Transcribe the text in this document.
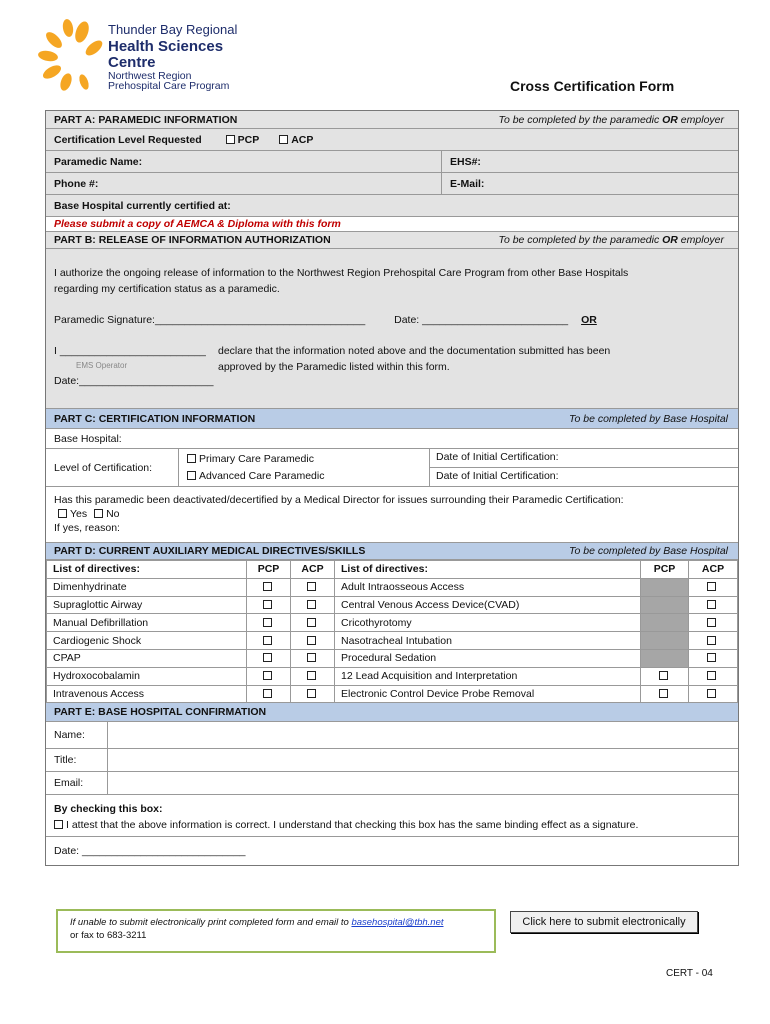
Thunder Bay Regional
Health Sciences
Centre
Northwest Region
Prehospital Care Program	Cross Certification Form
PART A: PARAMEDIC INFORMATION	To be completed by the paramedic OR employer
Certification Level Requested	PCP	ACP
Paramedic Name:	EHS#:
Phone #:	E-Mail:
Base Hospital currently certified at:
Please submit a copy of AEMCA & Diploma with this form
PART B: RELEASE OF INFORMATION AUTHORIZATION	To be completed by the paramedic OR employer
I authorize the ongoing release of information to the Northwest Region Prehospital Care Program from other Base Hospitals
regarding my certification status as a paramedic.
Paramedic Signature:____________________________________	Date: _________________________ OR
I _________________________
EMS Operator
declare that the information noted above and the documentation submitted has been
approved by the Paramedic listed within this form.
Date:_______________________
PART C: CERTIFICATION INFORMATION	To be completed by Base Hospital
Base Hospital:
Level of Certification:
Primary Care Paramedic
Advanced Care Paramedic
Date of Initial Certification:
Date of Initial Certification:
Has this paramedic been deactivated/decertified by a Medical Director for issues surrounding their Paramedic Certification:
Yes No
If yes, reason:
PART D: CURRENT AUXILIARY MEDICAL DIRECTIVES/SKILLS	To be completed by Base Hospital
List of directives:	PCP	ACP	List of directives:	PCP	ACP
Dimenhydrinate			Adult Intraosseous Access		
Supraglottic Airway			Central Venous Access Device(CVAD)		
Manual Defibrillation			Cricothyrotomy		
Cardiogenic Shock			Nasotracheal Intubation		
CPAP			Procedural Sedation		
Hydroxocobalamin			12 Lead Acquisition and Interpretation		
Intravenous Access			Electronic Control Device Probe Removal		
PART E: BASE HOSPITAL CONFIRMATION
Name:
Title:
Email:
By checking this box:
I attest that the above information is correct. I understand that checking this box has the same binding effect as a signature.
Date: ____________________________
If unable to submit electronically print completed form and email to basehospital@tbh.net
or fax to 683-3211
Click here to submit electronically
CERT - 04
